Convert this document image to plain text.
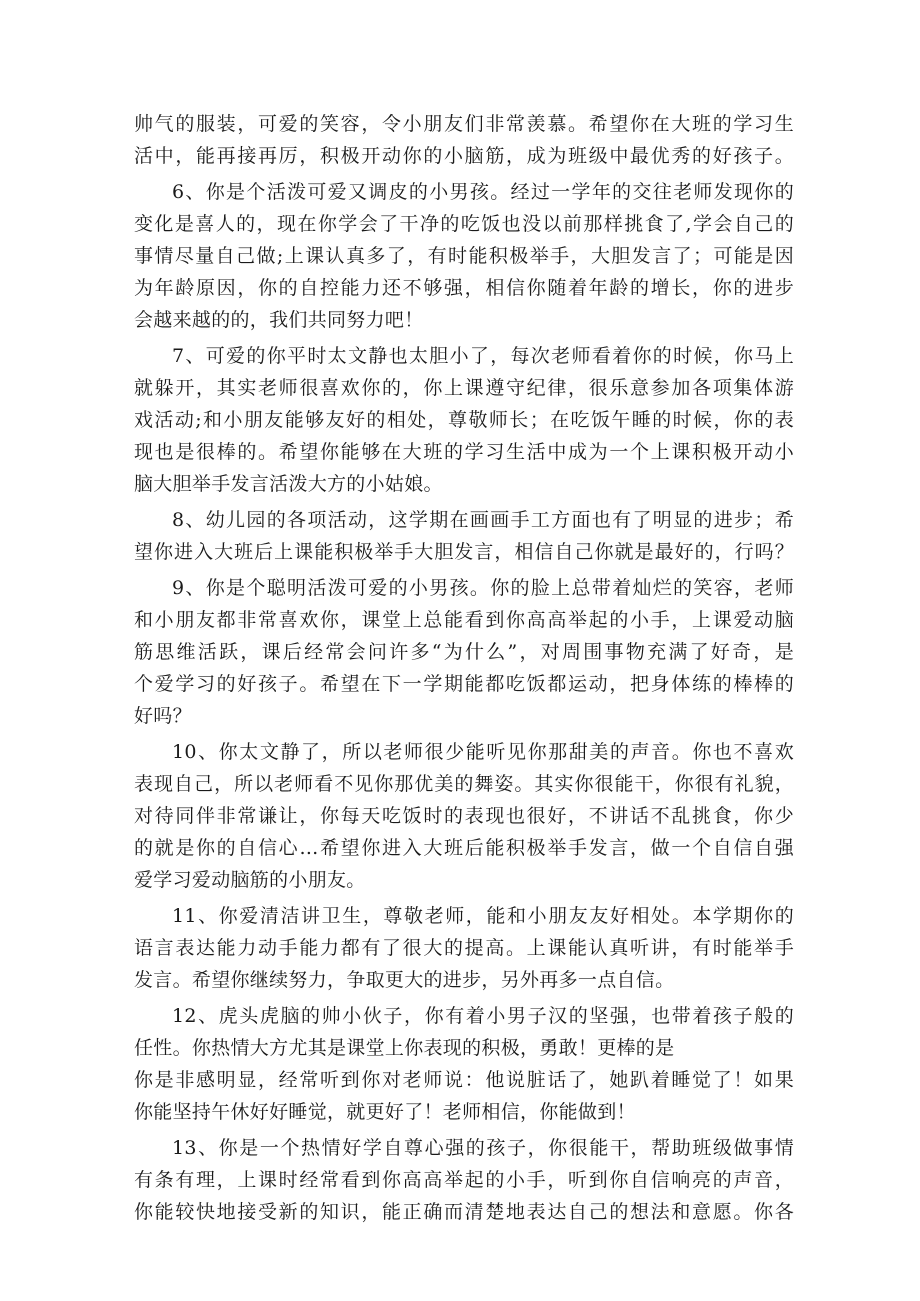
帅气的服装，可爱的笑容，令小朋友们非常羡慕。希望你在大班的学习生
活中，能再接再厉，积极开动你的小脑筋，成为班级中最优秀的好孩子。
6、你是个活泼可爱又调皮的小男孩。经过一学年的交往老师发现你的
变化是喜人的，现在你学会了干净的吃饭也没以前那样挑食了,学会自己的
事情尽量自己做;上课认真多了，有时能积极举手，大胆发言了；可能是因
为年龄原因，你的自控能力还不够强，相信你随着年龄的增长，你的进步
会越来越的的，我们共同努力吧！
7、可爱的你平时太文静也太胆小了，每次老师看着你的时候，你马上
就躲开，其实老师很喜欢你的，你上课遵守纪律，很乐意参加各项集体游
戏活动;和小朋友能够友好的相处，尊敬师长；在吃饭午睡的时候，你的表
现也是很棒的。希望你能够在大班的学习生活中成为一个上课积极开动小
脑大胆举手发言活泼大方的小姑娘。
8、幼儿园的各项活动，这学期在画画手工方面也有了明显的进步；希
望你进入大班后上课能积极举手大胆发言，相信自己你就是最好的，行吗？
9、你是个聪明活泼可爱的小男孩。你的脸上总带着灿烂的笑容，老师
和小朋友都非常喜欢你，课堂上总能看到你高高举起的小手，上课爱动脑
筋思维活跃，课后经常会问许多“为什么”，对周围事物充满了好奇，是
个爱学习的好孩子。希望在下一学期能都吃饭都运动，把身体练的棒棒的
好吗？
10、你太文静了，所以老师很少能听见你那甜美的声音。你也不喜欢
表现自己，所以老师看不见你那优美的舞姿。其实你很能干，你很有礼貌，
对待同伴非常谦让，你每天吃饭时的表现也很好，不讲话不乱挑食，你少
的就是你的自信心…希望你进入大班后能积极举手发言，做一个自信自强
爱学习爱动脑筋的小朋友。
11、你爱清洁讲卫生，尊敬老师，能和小朋友友好相处。本学期你的
语言表达能力动手能力都有了很大的提高。上课能认真听讲，有时能举手
发言。希望你继续努力，争取更大的进步，另外再多一点自信。
12、虎头虎脑的帅小伙子，你有着小男子汉的坚强，也带着孩子般的
任性。你热情大方尤其是课堂上你表现的积极，勇敢！更棒的是
你是非感明显，经常听到你对老师说：他说脏话了，她趴着睡觉了！如果
你能坚持午休好好睡觉，就更好了！老师相信，你能做到！
13、你是一个热情好学自尊心强的孩子，你很能干，帮助班级做事情
有条有理，上课时经常看到你高高举起的小手，听到你自信响亮的声音，
你能较快地接受新的知识，能正确而清楚地表达自己的想法和意愿。你各
